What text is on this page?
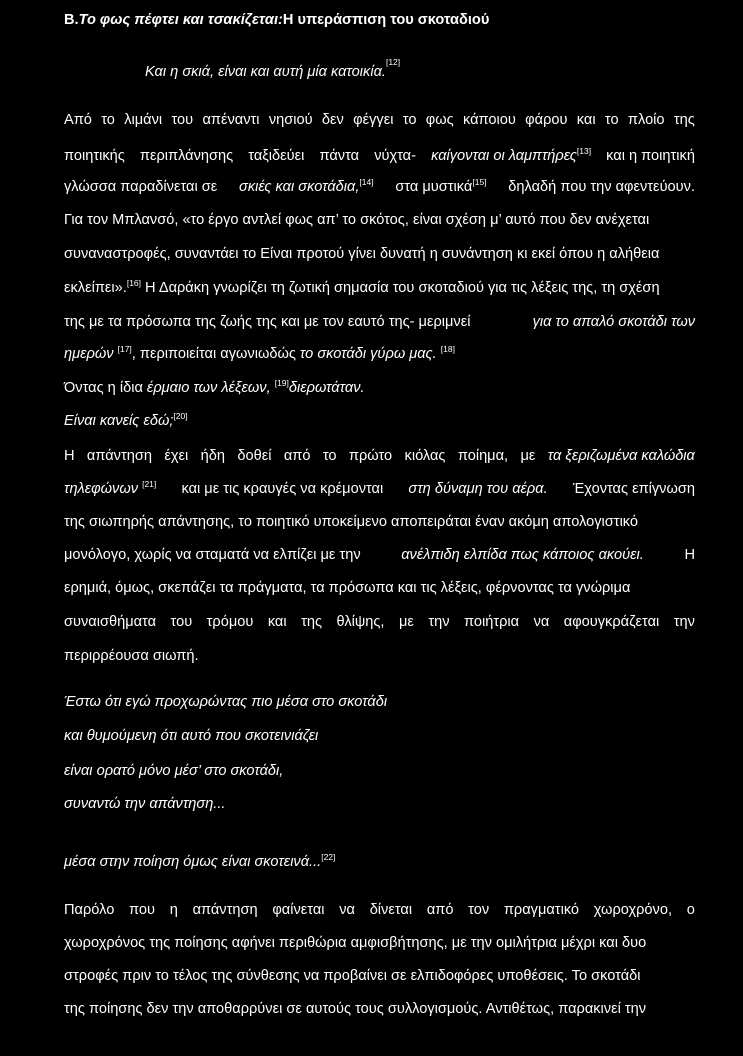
B. Το φως πέφτει και τσακίζεται: Η υπεράσπιση του σκοταδιού
Και η σκιά, είναι και αυτή μία κατοικία.
[12]
Από το λιμάνι του απέναντι νησιού δεν φέγγει το φως κάποιου φάρου και το πλοίο της
ποιητικής περιπλάνησης ταξιδεύει πάντα νύχτα- καίγονται οι λαμπτήρες[13] και η ποιητική
γλώσσα παραδίνεται σε σκιές και σκοτάδια,[14] στα μυστικά[15] δηλαδή που την αφεντεύουν.
Για τον Μπλανσό, «το έργο αντλεί φως απ’ το σκότος, είναι σχέση μ’ αυτό που δεν ανέχεται
συναναστροφές, συναντάει το Είναι προτού γίνει δυνατή η συνάντηση κι εκεί όπου η αλήθεια
εκλείπει».[16] Η Δαράκη γνωρίζει τη ζωτική σημασία του σκοταδιού για τις λέξεις της, τη σχέση
της με τα πρόσωπα της ζωής της και με τον εαυτό της- μεριμνεί	για το απαλό σκοτάδι των
ημερών [17], περιποιείται αγωνιωδώς το σκοτάδι γύρω μας. [18]
Όντας η ίδια έρμαιο των λέξεων, [19] διερωτάταν.
Είναι κανείς εδώ;[20]
Η απάντηση έχει ήδη δοθεί από το πρώτο κιόλας ποίημα, με τα ξεριζωμένα καλώδια
τηλεφώνων [21] και με τις κραυγές να κρέμονται στη δύναμη του αέρα. Έχοντας επίγνωση
της σιωπηρής απάντησης, το ποιητικό υποκείμενο αποπειράται έναν ακόμη απολογιστικό
μονόλογο, χωρίς να σταματά να ελπίζει με την	ανέλπιδη ελπίδα πως κάποιος ακούει.	Η
ερημιά, όμως, σκεπάζει τα πράγματα, τα πρόσωπα και τις λέξεις, φέρνοντας τα γνώριμα
συναισθήματα του τρόμου και της θλίψης, με την ποιήτρια να αφουγκράζεται την
περιρρέουσα σιωπή.
Έστω ότι εγώ προχωρώντας πιο μέσα στο σκοτάδι
και θυμούμενη ότι αυτό που σκοτεινιάζει
είναι ορατό μόνο μέσ’ στο σκοτάδι,
συναντώ την απάντηση...
μέσα στην ποίηση όμως είναι σκοτεινά...[22]
Παρόλο που η απάντηση φαίνεται να δίνεται από τον πραγματικό χωροχρόνο, ο
χωροχρόνος της ποίησης αφήνει περιθώρια αμφισβήτησης, με την ομιλήτρια μέχρι και δυο
στροφές πριν το τέλος της σύνθεσης να προβαίνει σε ελπιδοφόρες υποθέσεις. Το σκοτάδι
της ποίησης δεν την αποθαρρύνει σε αυτούς τους συλλογισμούς. Αντιθέτως, παρακινεί την
